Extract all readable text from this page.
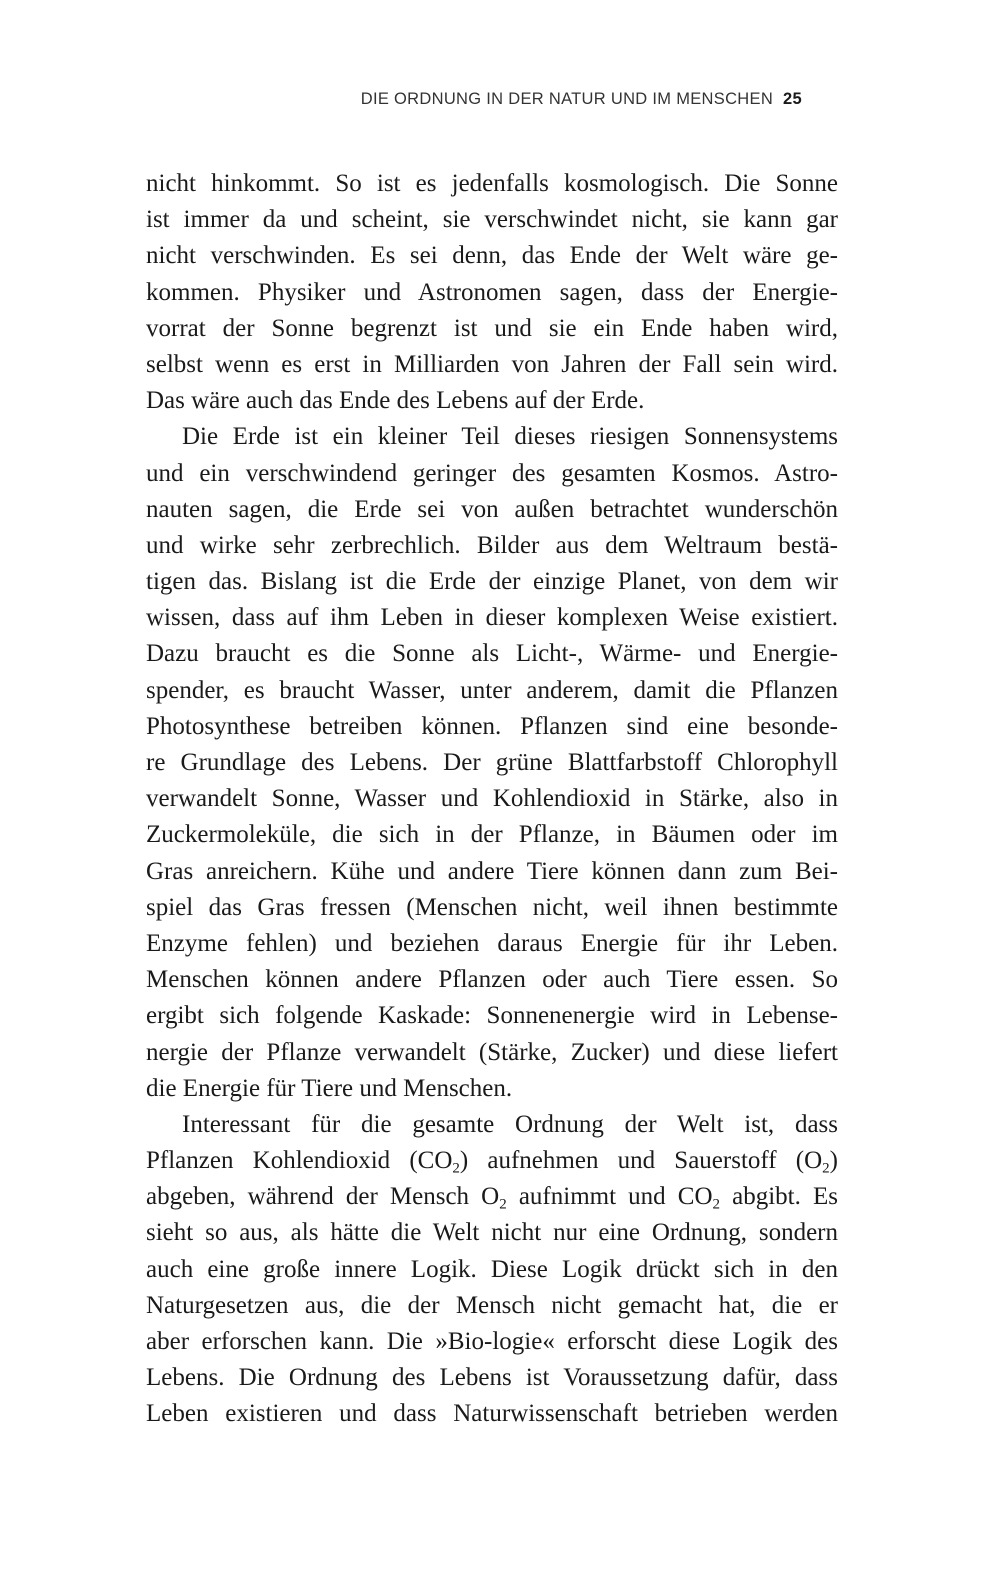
DIE ORDNUNG IN DER NATUR UND IM MENSCHEN 25
nicht hinkommt. So ist es jedenfalls kosmologisch. Die Sonne
ist immer da und scheint, sie verschwindet nicht, sie kann gar
nicht verschwinden. Es sei denn, das Ende der Welt wäre ge-
kommen. Physiker und Astronomen sagen, dass der Energie-
vorrat der Sonne begrenzt ist und sie ein Ende haben wird,
selbst wenn es erst in Milliarden von Jahren der Fall sein wird.
Das wäre auch das Ende des Lebens auf der Erde.
Die Erde ist ein kleiner Teil dieses riesigen Sonnensystems
und ein verschwindend geringer des gesamten Kosmos. Astro-
nauten sagen, die Erde sei von außen betrachtet wunderschön
und wirke sehr zerbrechlich. Bilder aus dem Weltraum bestä-
tigen das. Bislang ist die Erde der einzige Planet, von dem wir
wissen, dass auf ihm Leben in dieser komplexen Weise existiert.
Dazu braucht es die Sonne als Licht-, Wärme- und Energie-
spender, es braucht Wasser, unter anderem, damit die Pflanzen
Photosynthese betreiben können. Pflanzen sind eine besonde-
re Grundlage des Lebens. Der grüne Blattfarbstoff Chlorophyll
verwandelt Sonne, Wasser und Kohlendioxid in Stärke, also in
Zuckermoleküle, die sich in der Pflanze, in Bäumen oder im
Gras anreichern. Kühe und andere Tiere können dann zum Bei-
spiel das Gras fressen (Menschen nicht, weil ihnen bestimmte
Enzyme fehlen) und beziehen daraus Energie für ihr Leben.
Menschen können andere Pflanzen oder auch Tiere essen. So
ergibt sich folgende Kaskade: Sonnenenergie wird in Lebense-
nergie der Pflanze verwandelt (Stärke, Zucker) und diese liefert
die Energie für Tiere und Menschen.
Interessant für die gesamte Ordnung der Welt ist, dass
Pflanzen Kohlendioxid $(CO_2)$ aufnehmen und Sauerstoff $(O_2)$
abgeben, während der Mensch $O_2$ aufnimmt und $CO_2$ abgibt. Es
sieht so aus, als hätte die Welt nicht nur eine Ordnung, sondern
auch eine große innere Logik. Diese Logik drückt sich in den
Naturgesetzen aus, die der Mensch nicht gemacht hat, die er
aber erforschen kann. Die »Bio-logie« erforscht diese Logik des
Lebens. Die Ordnung des Lebens ist Voraussetzung dafür, dass
Leben existieren und dass Naturwissenschaft betrieben werden
